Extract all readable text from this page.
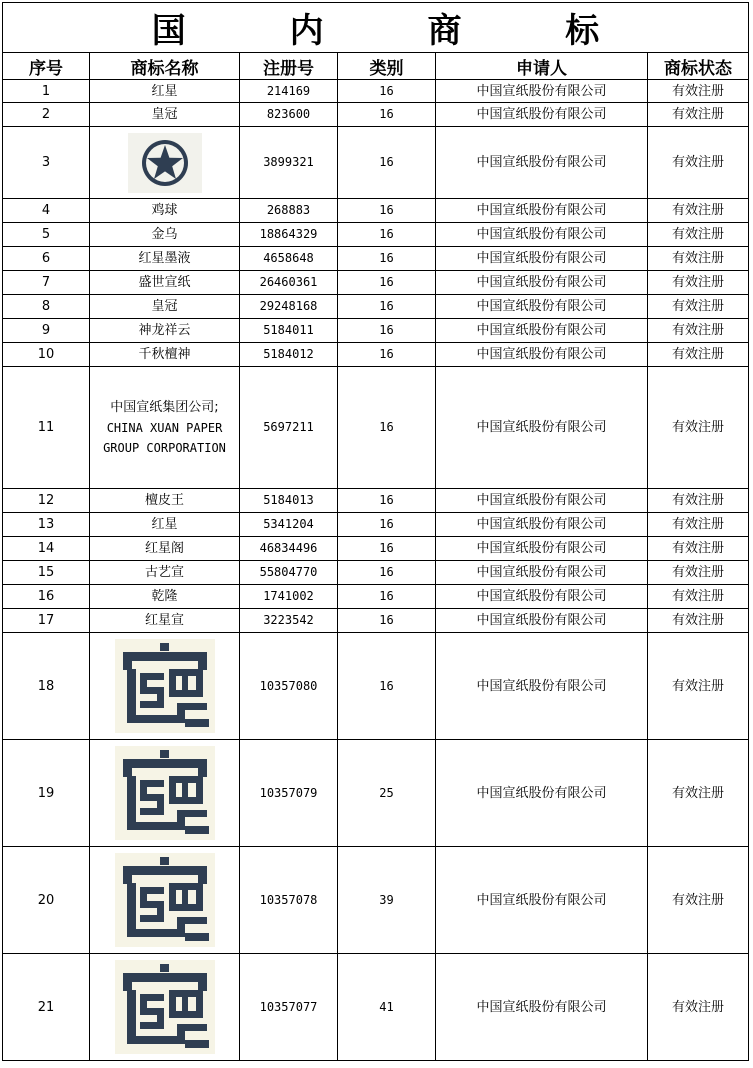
国 内 商 标					
序号	商标名称	注册号	类别	申请人	商标状态
1	红星	214169	16	中国宣纸股份有限公司	有效注册
2	皇冠	823600	16	中国宣纸股份有限公司	有效注册
3		3899321	16	中国宣纸股份有限公司	有效注册
4	鸡球	268883	16	中国宣纸股份有限公司	有效注册
5	金乌	18864329	16	中国宣纸股份有限公司	有效注册
6	红星墨液	4658648	16	中国宣纸股份有限公司	有效注册
7	盛世宣纸	26460361	16	中国宣纸股份有限公司	有效注册
8	皇冠	29248168	16	中国宣纸股份有限公司	有效注册
9	神龙祥云	5184011	16	中国宣纸股份有限公司	有效注册
10	千秋檀神	5184012	16	中国宣纸股份有限公司	有效注册
11	中国宣纸集团公司;
CHINA XUAN PAPER
GROUP CORPORATION	5697211	16	中国宣纸股份有限公司	有效注册
12	檀皮王	5184013	16	中国宣纸股份有限公司	有效注册
13	红星	5341204	16	中国宣纸股份有限公司	有效注册
14	红星阁	46834496	16	中国宣纸股份有限公司	有效注册
15	古艺宣	55804770	16	中国宣纸股份有限公司	有效注册
16	乾隆	1741002	16	中国宣纸股份有限公司	有效注册
17	红星宣	3223542	16	中国宣纸股份有限公司	有效注册
18		10357080	16	中国宣纸股份有限公司	有效注册
19		10357079	25	中国宣纸股份有限公司	有效注册
20		10357078	39	中国宣纸股份有限公司	有效注册
21		10357077	41	中国宣纸股份有限公司	有效注册
